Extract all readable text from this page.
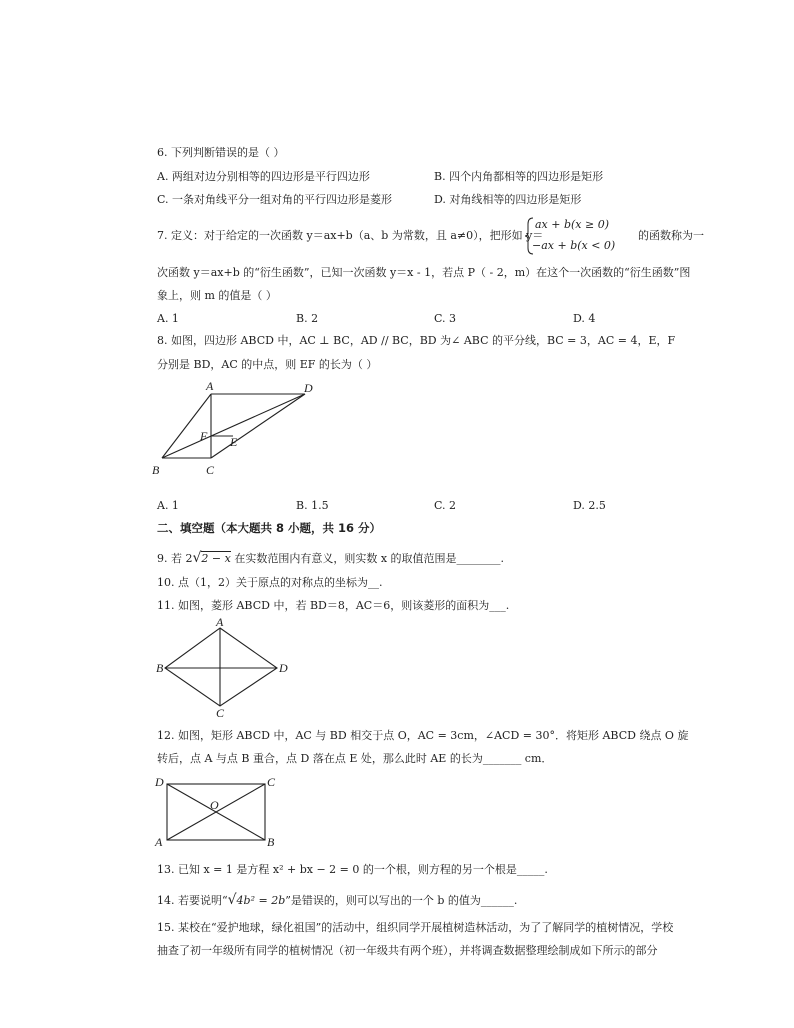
6. 下列判断错误的是（ ）
A. 两组对边分别相等的四边形是平行四边形	B. 四个内角都相等的四边形是矩形
C. 一条对角线平分一组对角的平行四边形是菱形	D. 对角线相等的四边形是矩形
7. 定义：对于给定的一次函数 y＝ax+b（a、b 为常数，且 a≠0），把形如 y＝
ax + b(x ≥ 0)
−ax + b(x < 0)
的函数称为一
次函数 y＝ax+b 的“衍生函数”，已知一次函数 y＝x - 1，若点 P（ - 2，m）在这个一次函数的“衍生函数”图
象上，则 m 的值是（ ）
A. 1	B. 2	C. 3	D. 4
8. 如图，四边形 ABCD 中，AC ⊥ BC，AD // BC，BD 为∠ ABC 的平分线，BC = 3，AC = 4，E，F
分别是 BD，AC 的中点，则 EF 的长为（ ）
A	D
B	C
F E
A. 1	B. 1.5	C. 2	D. 2.5
二、填空题（本大题共 8 小题，共 16 分）
9. 若 2√2 − x 在实数范围内有意义，则实数 x 的取值范围是________.
10. 点（1，2）关于原点的对称点的坐标为__.
11. 如图，菱形 ABCD 中，若 BD＝8，AC＝6，则该菱形的面积为___.
A
B	D
C
12. 如图，矩形 ABCD 中，AC 与 BD 相交于点 O，AC = 3cm，∠ACD = 30°．将矩形 ABCD 绕点 O 旋
转后，点 A 与点 B 重合，点 D 落在点 E 处，那么此时 AE 的长为_______ cm．
D	C
A	B
O
13. 已知 x = 1 是方程 x² + bx − 2 = 0 的一个根，则方程的另一个根是_____.
14. 若要说明“√4b² = 2b”是错误的，则可以写出的一个 b 的值为______.
15. 某校在“爱护地球，绿化祖国”的活动中，组织同学开展植树造林活动，为了了解同学的植树情况，学校
抽查了初一年级所有同学的植树情况（初一年级共有两个班），并将调查数据整理绘制成如下所示的部分
